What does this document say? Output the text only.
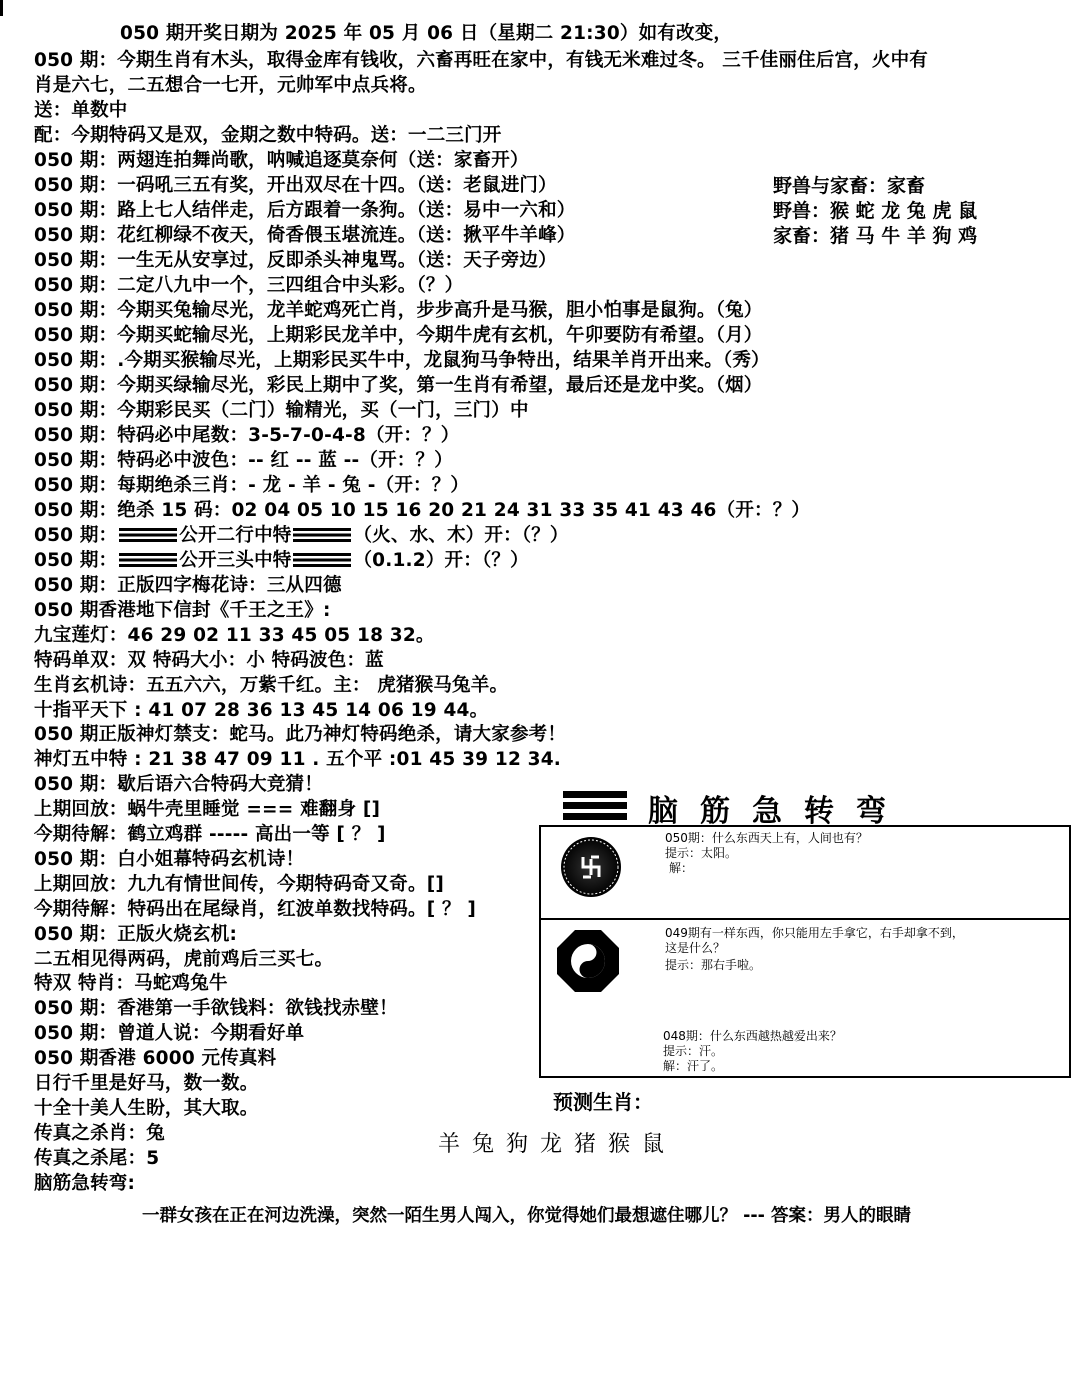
050 期开奖日期为 2025 年 05 月 06 日（星期二 21:30）如有改变，
050 期：今期生肖有木头，取得金库有钱收，六畜再旺在家中，有钱无米难过冬。 三千佳丽住后宫，火中有
肖是六七，二五想合一七开，元帅军中点兵将。
送：单数中
配：今期特码又是双，金期之数中特码。送：一二三门开
050 期：两翅连拍舞尚歌，呐喊追逐莫奈何（送：家畜开）
050 期：一码吼三五有奖，开出双尽在十四。（送：老鼠进门）
050 期：路上七人结伴走，后方跟着一条狗。（送：易中一六和）
050 期：花红柳绿不夜天，倚香偎玉堪流连。（送：揪平牛羊峰）
050 期：一生无从安享过，反即杀头神鬼骂。（送：天子旁边）
050 期：二定八九中一个，三四组合中头彩。（？）
050 期：今期买兔输尽光，龙羊蛇鸡死亡肖，步步高升是马猴，胆小怕事是鼠狗。（兔）
050 期：今期买蛇输尽光，上期彩民龙羊中，今期牛虎有玄机，午卯要防有希望。（月）
050 期：.今期买猴输尽光，上期彩民买牛中，龙鼠狗马争特出，结果羊肖开出来。（秀）
050 期：今期买绿输尽光，彩民上期中了奖，第一生肖有希望，最后还是龙中奖。（烟）
050 期：今期彩民买（二门）输精光，买（一门，三门）中
050 期：特码必中尾数：3-5-7-0-4-8（开：？）
050 期：特码必中波色：-- 红 -- 蓝 --（开：？）
050 期：每期绝杀三肖：- 龙 - 羊 - 兔 -（开：？）
050 期：绝杀 15 码：02 04 05 10 15 16 20 21 24 31 33 35 41 43 46（开：？）
050 期：	公开二行中特	（火、水、木）开：（？）
050 期：	公开三头中特	（0.1.2）开：（？）
050 期：正版四字梅花诗：三从四德
050 期香港地下信封《千王之王》:
九宝莲灯：46 29 02 11 33 45 05 18 32。
特码单双：双 特码大小：小 特码波色：蓝
生肖玄机诗：五五六六，万紫千红。主： 虎猪猴马兔羊。
十指平天下 : 41 07 28 36 13 45 14 06 19 44。
050 期正版神灯禁支：蛇马。此乃神灯特码绝杀，请大家参考！
神灯五中特 : 21 38 47 09 11 . 五个平 :01 45 39 12 34.
050 期：歇后语六合特码大竞猜！
上期回放：蜗牛壳里睡觉 === 难翻身 []
今期待解：鹤立鸡群 ----- 高出一等 [ ？ ]
050 期：白小姐幕特码玄机诗！
上期回放：九九有情世间传，今期特码奇又奇。[]
今期待解：特码出在尾绿肖，红波单数找特码。[ ？ ]
050 期：正版火烧玄机:
二五相见得两码，虎前鸡后三买七。
特双 特肖：马蛇鸡兔牛
050 期：香港第一手欲钱料：欲钱找赤壁！
050 期：曾道人说：今期看好单
050 期香港 6000 元传真料
日行千里是好马，数一数。
十全十美人生盼，其大取。
传真之杀肖：兔
传真之杀尾：5
脑筋急转弯:
野兽与家畜：家畜
野兽：猴 蛇 龙 兔 虎 鼠
家畜：猪 马 牛 羊 狗 鸡
脑筋急转弯
050期：什么东西天上有，人间也有？
提示：太阳。
解：
049期有一样东西，你只能用左手拿它，右手却拿不到，
这是什么？
提示：那右手啦。
048期：什么东西越热越爱出来？
提示：汗。
解：汗了。
预测生肖：
羊兔狗龙猪猴鼠
一群女孩在正在河边洗澡，突然一陌生男人闯入，你觉得她们最想遮住哪儿？ --- 答案：男人的眼睛
